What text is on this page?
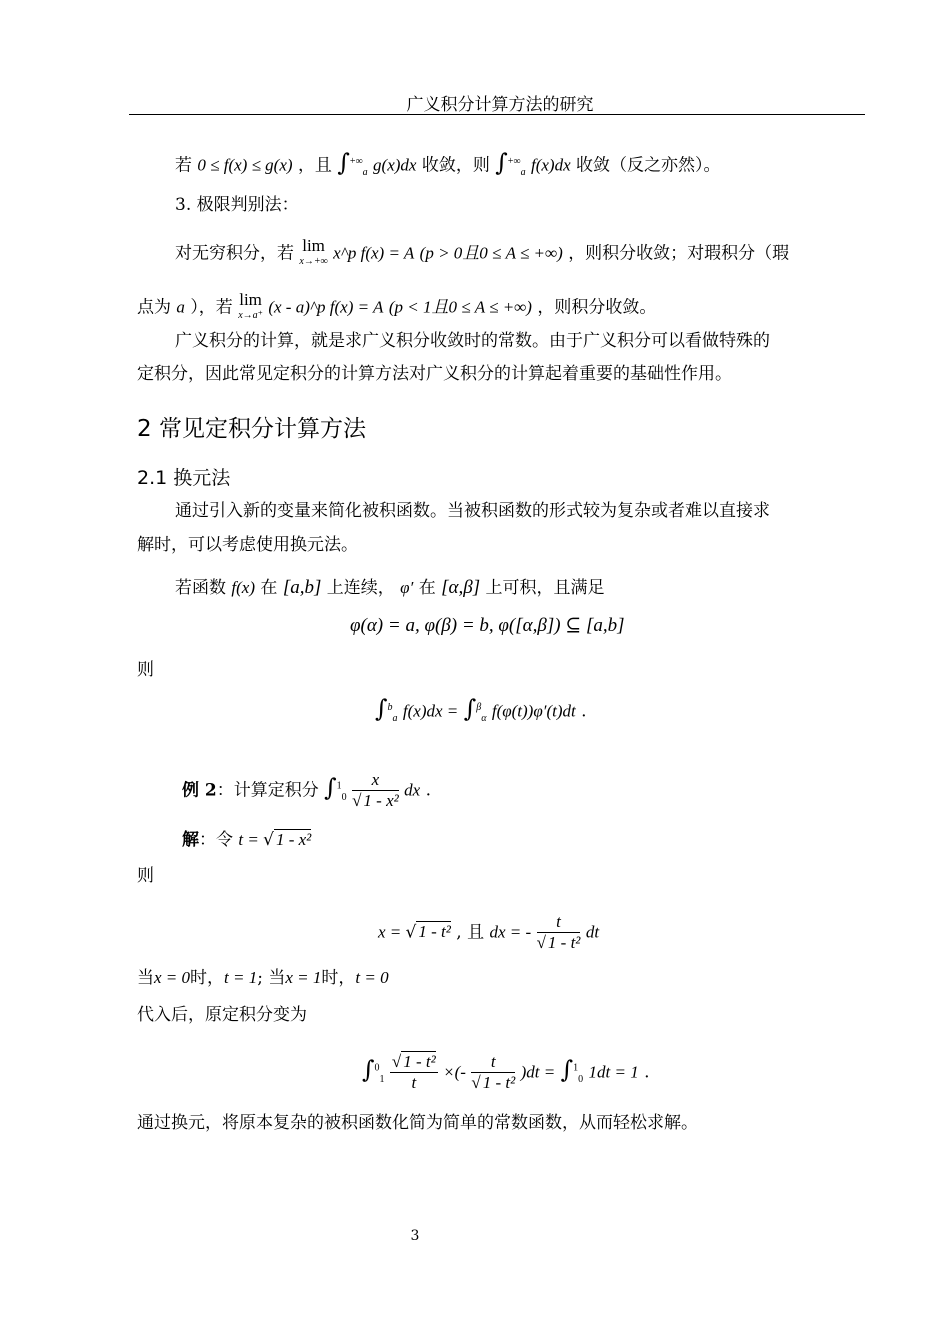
广义积分计算方法的研究
若 0 ≤ f(x) ≤ g(x) ，且 $\int^{+\infty}_a$ g(x)dx 收敛，则 $\int^{+\infty}_a$ f(x)dx 收敛（反之亦然）。
3. 极限判别法：
对无穷积分，若 lim
x→+∞ x^p f(x) = A (p > 0且0 ≤ A ≤ +∞) ，则积分收敛；对瑕积分（瑕
点为 a ），若 lim
x→a⁺ (x - a)^p f(x) = A (p < 1且0 ≤ A ≤ +∞) ，则积分收敛。
广义积分的计算，就是求广义积分收敛时的常数。由于广义积分可以看做特殊的
定积分，因此常见定积分的计算方法对广义积分的计算起着重要的基础性作用。
2 常见定积分计算方法
2.1 换元法
通过引入新的变量来简化被积函数。当被积函数的形式较为复杂或者难以直接求
解时，可以考虑使用换元法。
若函数 f(x) 在 [a,b] 上连续， φ′ 在 [α,β] 上可积，且满足
φ(α) = a, φ(β) = b, φ([α,β]) ⊆ [a,b]
则
∫$^b_a$ f(x)dx = ∫$^\beta_\alpha$ f(φ(t))φ′(t)dt .
例 2：计算定积分 $\int^1_0 \frac{x}{\text{√ 1 - x²}}$ dx .
解：令 t = √ 1 - x²
则
x = √ 1 - t² , 且 dx = - $\frac{t}{\text{√ 1 - t²}}$ dt
当x = 0时，t = 1; 当x = 1时，t = 0
代入后，原定积分变为
$\int^0_1 \frac{\text{√ 1 - t²}}{t}$ ×(- $\frac{t}{\text{√ 1 - t²}} )dt = \int^1_0$ 1dt = 1 .
通过换元，将原本复杂的被积函数化简为简单的常数函数，从而轻松求解。
3
